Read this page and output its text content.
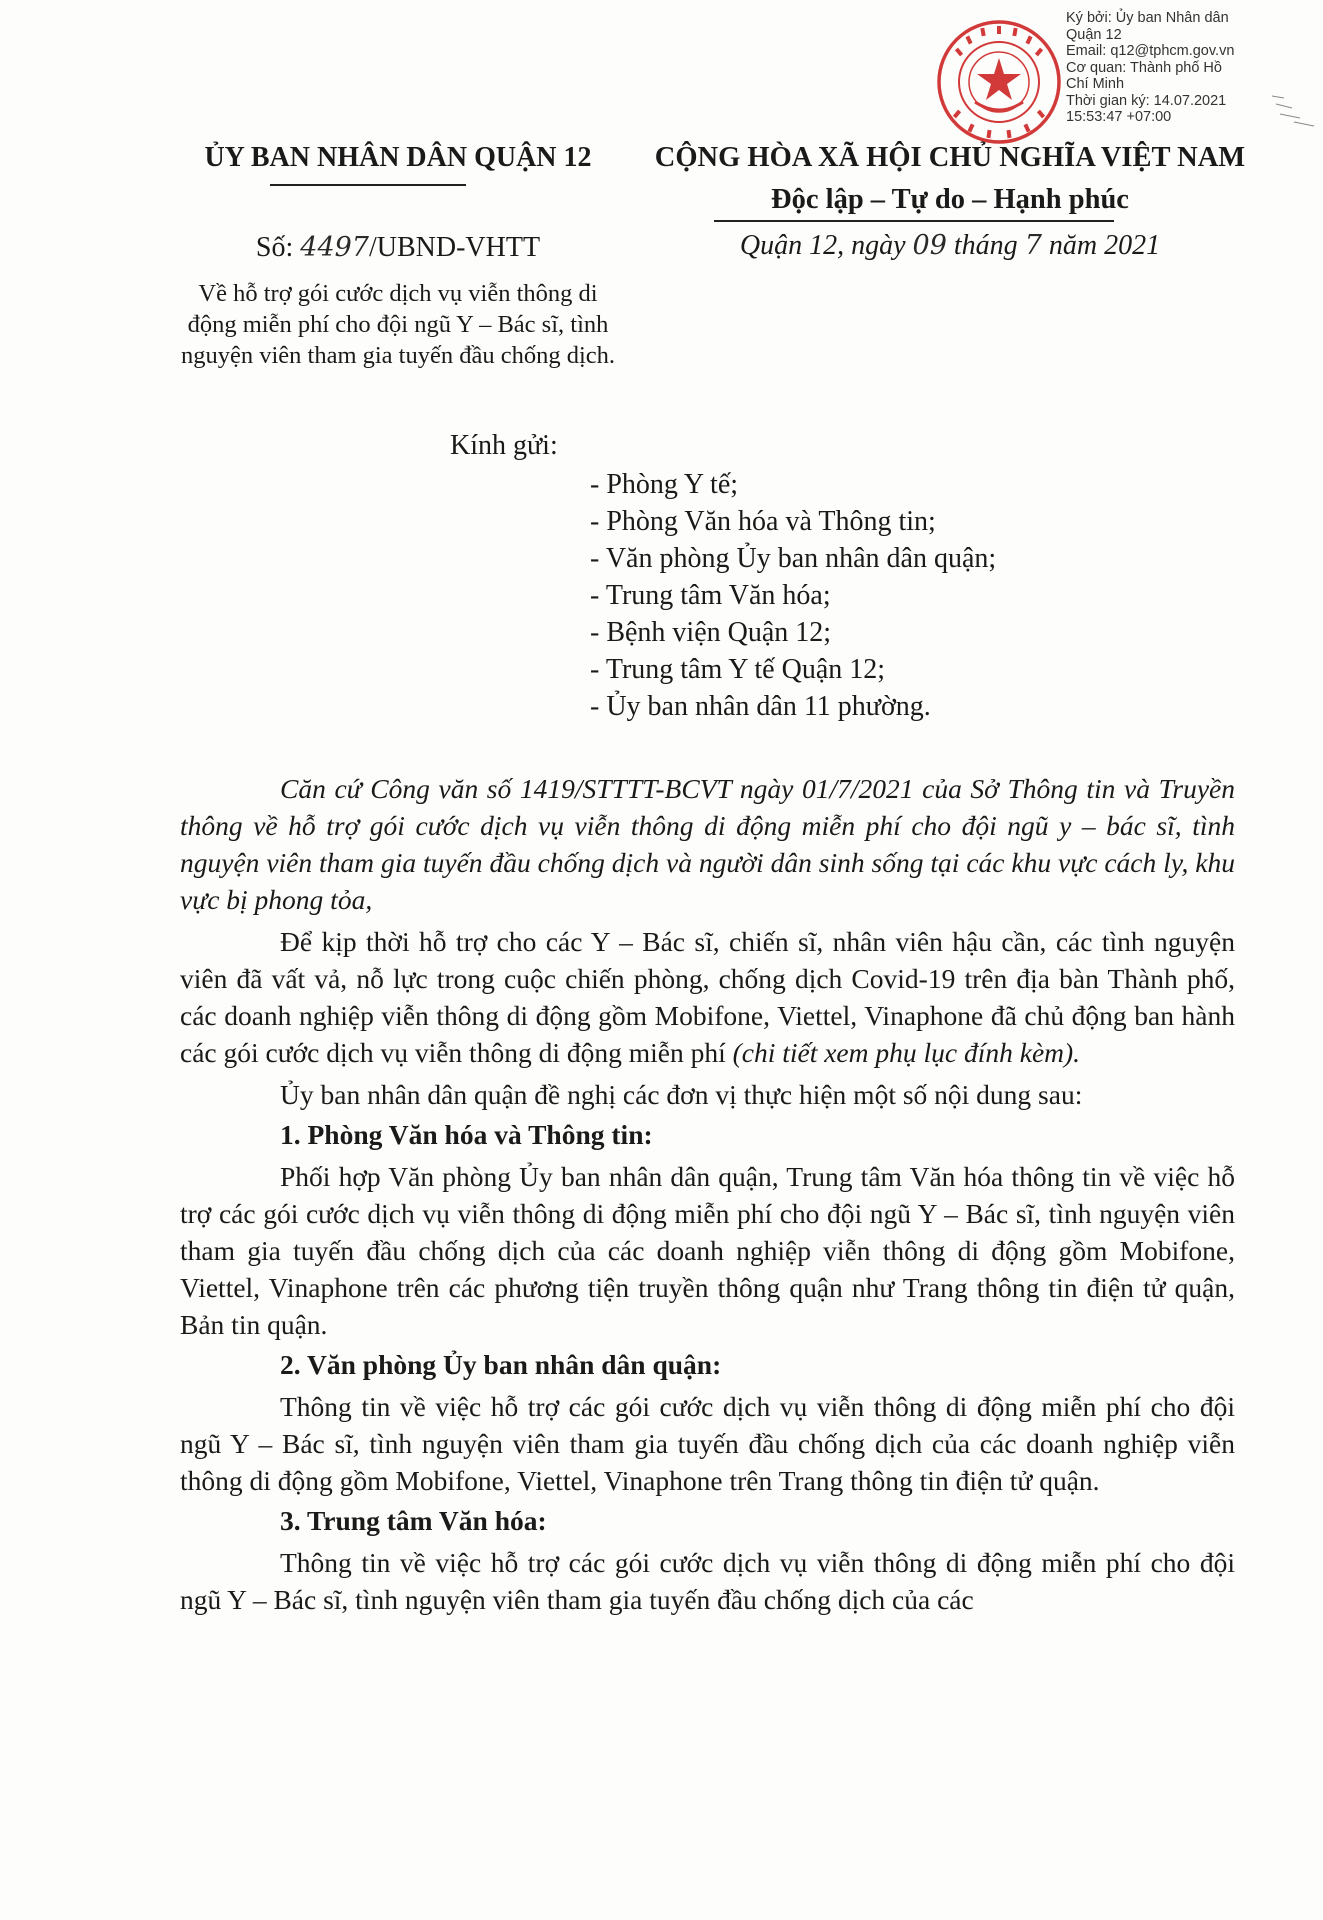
Ký bởi: Ủy ban Nhân dân
Quận 12
Email: q12@tphcm.gov.vn
Cơ quan: Thành phố Hồ
Chí Minh
Thời gian ký: 14.07.2021
15:53:47 +07:00
ỦY BAN NHÂN DÂN QUẬN 12	CỘNG HÒA XÃ HỘI CHỦ NGHĨA VIỆT NAM
Độc lập – Tự do – Hạnh phúc
Số: 4497/UBND-VHTT	Quận 12, ngày 09 tháng 7 năm 2021
Về hỗ trợ gói cước dịch vụ viễn thông di động miễn phí cho đội ngũ Y – Bác sĩ, tình nguyện viên tham gia tuyến đầu chống dịch.
Kính gửi:
- Phòng Y tế;
- Phòng Văn hóa và Thông tin;
- Văn phòng Ủy ban nhân dân quận;
- Trung tâm Văn hóa;
- Bệnh viện Quận 12;
- Trung tâm Y tế Quận 12;
- Ủy ban nhân dân 11 phường.

Căn cứ Công văn số 1419/STTTT-BCVT ngày 01/7/2021 của Sở Thông tin và Truyền thông về hỗ trợ gói cước dịch vụ viễn thông di động miễn phí cho đội ngũ y – bác sĩ, tình nguyện viên tham gia tuyến đầu chống dịch và người dân sinh sống tại các khu vực cách ly, khu vực bị phong tỏa,

Để kịp thời hỗ trợ cho các Y – Bác sĩ, chiến sĩ, nhân viên hậu cần, các tình nguyện viên đã vất vả, nỗ lực trong cuộc chiến phòng, chống dịch Covid-19 trên địa bàn Thành phố, các doanh nghiệp viễn thông di động gồm Mobifone, Viettel, Vinaphone đã chủ động ban hành các gói cước dịch vụ viễn thông di động miễn phí (chi tiết xem phụ lục đính kèm).

Ủy ban nhân dân quận đề nghị các đơn vị thực hiện một số nội dung sau:

1. Phòng Văn hóa và Thông tin:

Phối hợp Văn phòng Ủy ban nhân dân quận, Trung tâm Văn hóa thông tin về việc hỗ trợ các gói cước dịch vụ viễn thông di động miễn phí cho đội ngũ Y – Bác sĩ, tình nguyện viên tham gia tuyến đầu chống dịch của các doanh nghiệp viễn thông di động gồm Mobifone, Viettel, Vinaphone trên các phương tiện truyền thông quận như Trang thông tin điện tử quận, Bản tin quận.

2. Văn phòng Ủy ban nhân dân quận:

Thông tin về việc hỗ trợ các gói cước dịch vụ viễn thông di động miễn phí cho đội ngũ Y – Bác sĩ, tình nguyện viên tham gia tuyến đầu chống dịch của các doanh nghiệp viễn thông di động gồm Mobifone, Viettel, Vinaphone trên Trang thông tin điện tử quận.

3. Trung tâm Văn hóa:

Thông tin về việc hỗ trợ các gói cước dịch vụ viễn thông di động miễn phí cho đội ngũ Y – Bác sĩ, tình nguyện viên tham gia tuyến đầu chống dịch của các
